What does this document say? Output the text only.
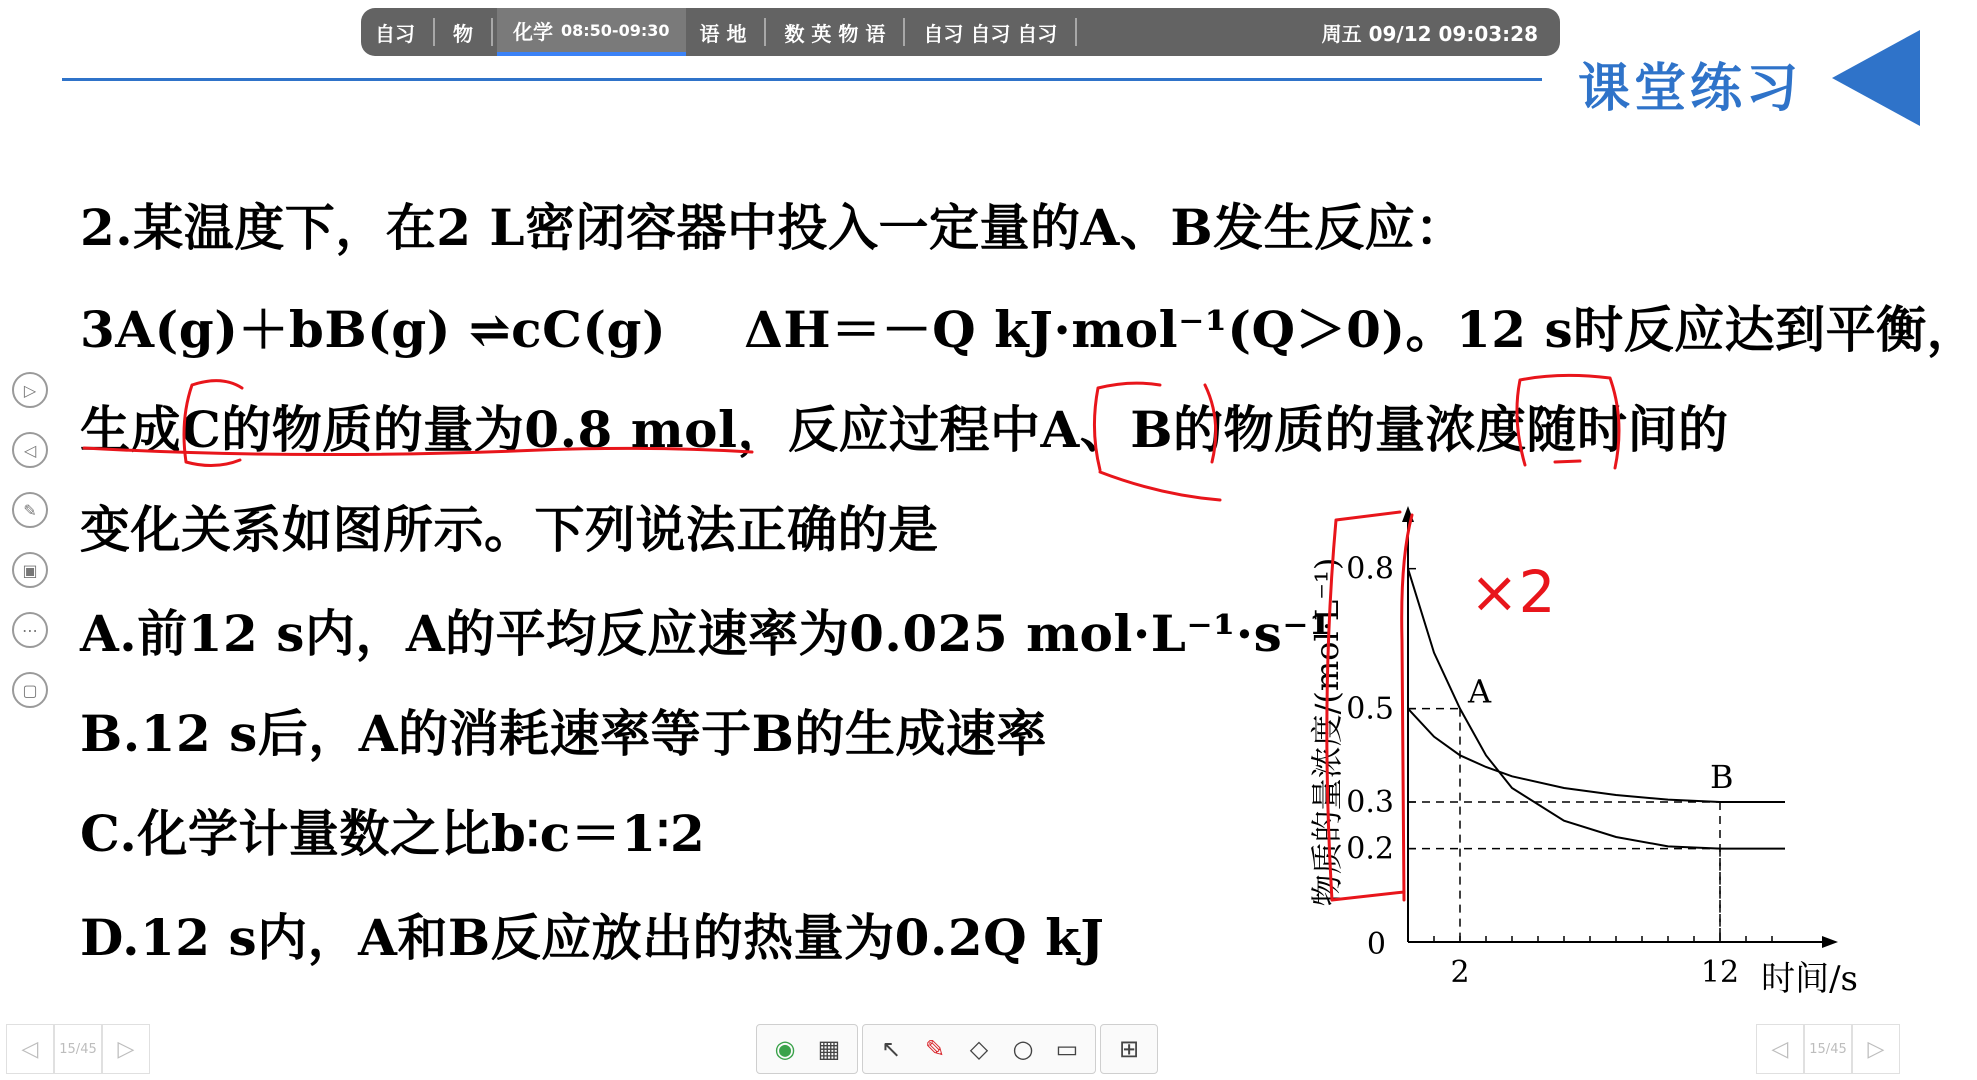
自习	物	化学 08:50-09:30	语 地	数 英 物 语	自习 自习 自习	周五 09/12 09:03:28
课堂练习
2.某温度下，在2 L密闭容器中投入一定量的A、B发生反应：
3A(g)＋bB(g) ⇌cC(g) ΔH＝－Q kJ·mol⁻¹(Q＞0)。12 s时反应达到平衡，
生成C的物质的量为0.8 mol，反应过程中A、B的物质的量浓度随时间的
变化关系如图所示。下列说法正确的是
A.前12 s内，A的平均反应速率为0.025 mol·L⁻¹·s⁻¹
B.12 s后，A的消耗速率等于B的生成速率
C.化学计量数之比b∶c＝1∶2
D.12 s内，A和B反应放出的热量为0.2Q kJ
0.8
0.5
0.3
0.2
2	12
0
A
B
时间/s
物质的量浓度/(mol·L⁻¹) ×2
▷
◁
✎
▣
⋯
▢
◁	15/45 ▷	◁	15/45 ▷
◉ ▦	↖ ✎	◇	○ ▭	⊞
